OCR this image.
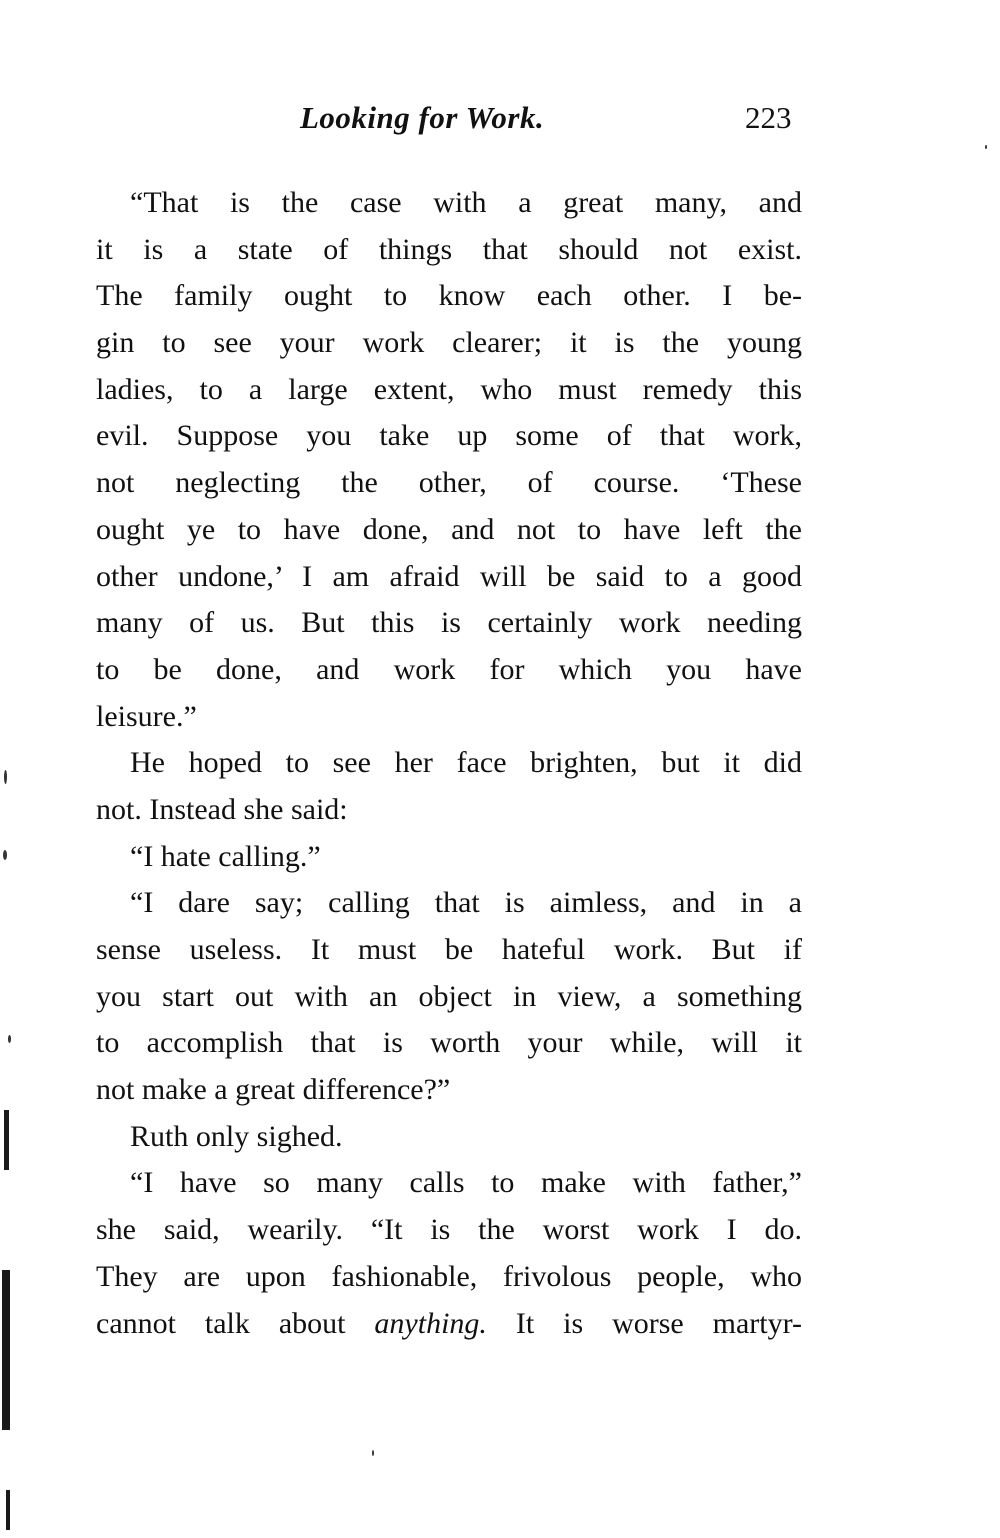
Looking for Work.	223
“That is the case with a great many, and
it is a state of things that should not exist.
The family ought to know each other. I be-
gin to see your work clearer; it is the young
ladies, to a large extent, who must remedy this
evil. Suppose you take up some of that work,
not neglecting the other, of course. ‘These
ought ye to have done, and not to have left the
other undone,’ I am afraid will be said to a good
many of us. But this is certainly work needing
to be done, and work for which you have
leisure.”
He hoped to see her face brighten, but it did
not. Instead she said:
“I hate calling.”
“I dare say; calling that is aimless, and in a
sense useless. It must be hateful work. But if
you start out with an object in view, a something
to accomplish that is worth your while, will it
not make a great difference?”
Ruth only sighed.
“I have so many calls to make with father,”
she said, wearily. “It is the worst work I do.
They are upon fashionable, frivolous people, who
cannot talk about anything. It is worse martyr-
